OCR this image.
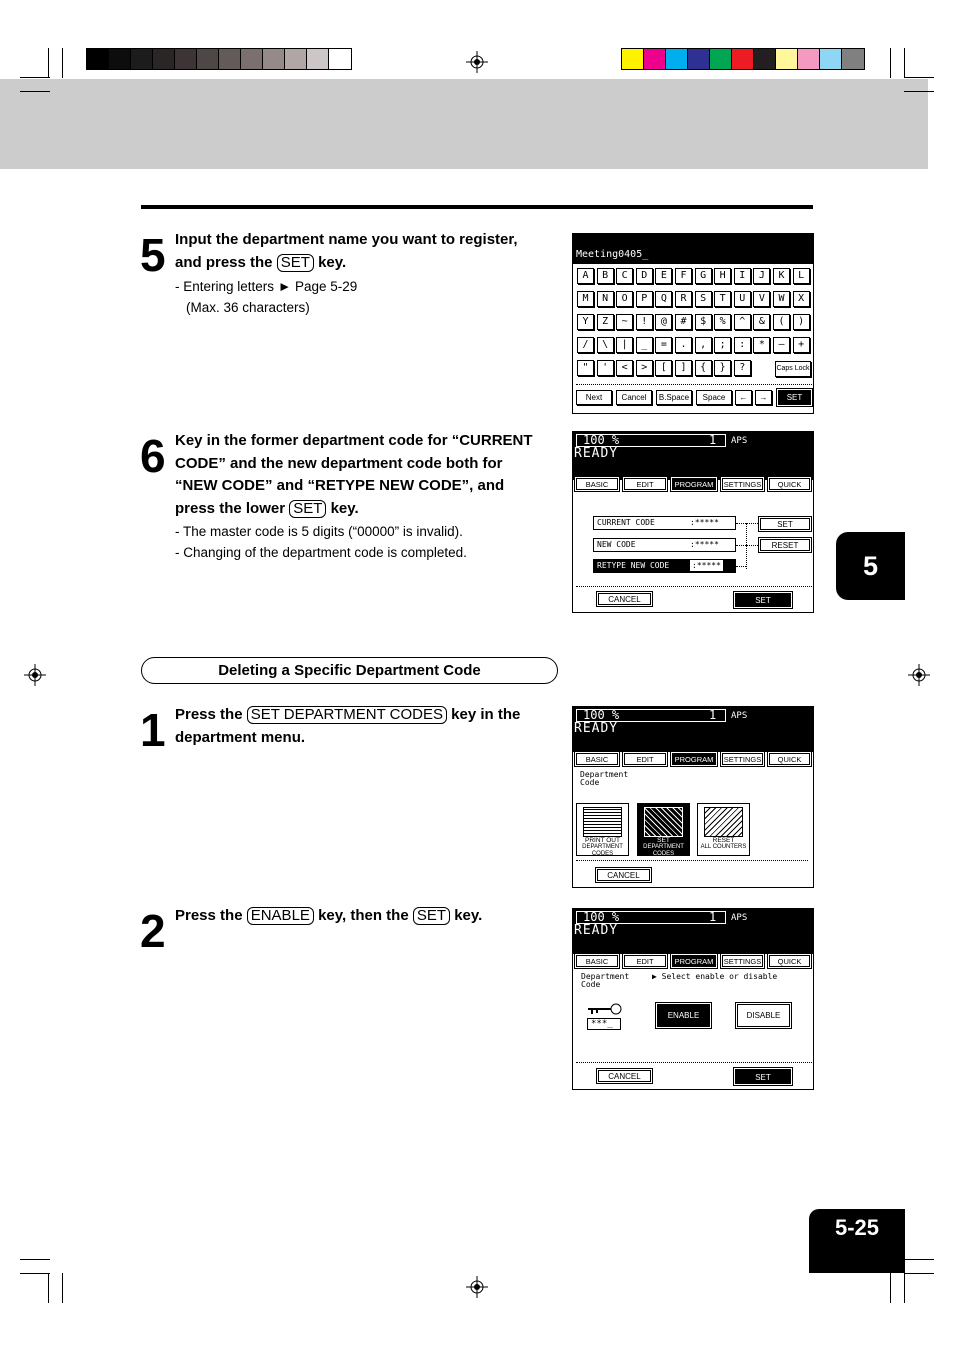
5 Input the department name you want to register,
and press the SET key.
- Entering letters ► Page 5-29
(Max. 36 characters)
Meeting0405_
A	B	C	D	E	F	G	H	I	J	K	L
M	N	O	P	Q	R	S	T	U	V	W	X
Y	Z	~	!	@	#	$	%	^	&	(	)
/	\	|	_	=	.	,	;	:	*	—	+
"	'	<	>	[	]	{	}	?	Caps Lock
Next	Cancel	B.Space	Space	←	→	SET
6 Key in the former department code for “CURRENT
CODE” and the new department code both for
“NEW CODE” and “RETYPE NEW CODE”, and
press the lower SET key.
- The master code is 5 digits (“00000” is invalid).
- Changing of the department code is completed.
100 %	1 APS
READY
BASIC	EDIT	PROGRAM	SETTINGS	QUICK
CURRENT CODE	:*****
NEW CODE	:*****
RETYPE NEW CODE	:*****
SET
RESET
CANCEL	SET
5
Deleting a Specific Department Code
1 Press the SET DEPARTMENT CODES key in the
department menu.
100 %	1 APS
READY
BASIC	EDIT	PROGRAM	SETTINGS	QUICK
Department
Code
PRINT OUT
DEPARTMENT CODES
SET
DEPARTMENT CODES
RESET
ALL COUNTERS
CANCEL
2 Press the ENABLE key, then the SET key.	100 %	1 APS
READY
BASIC	EDIT	PROGRAM	SETTINGS	QUICK
Department
Code
▶ Select enable or disable
***_
ENABLE	DISABLE
CANCEL	SET
5-25
